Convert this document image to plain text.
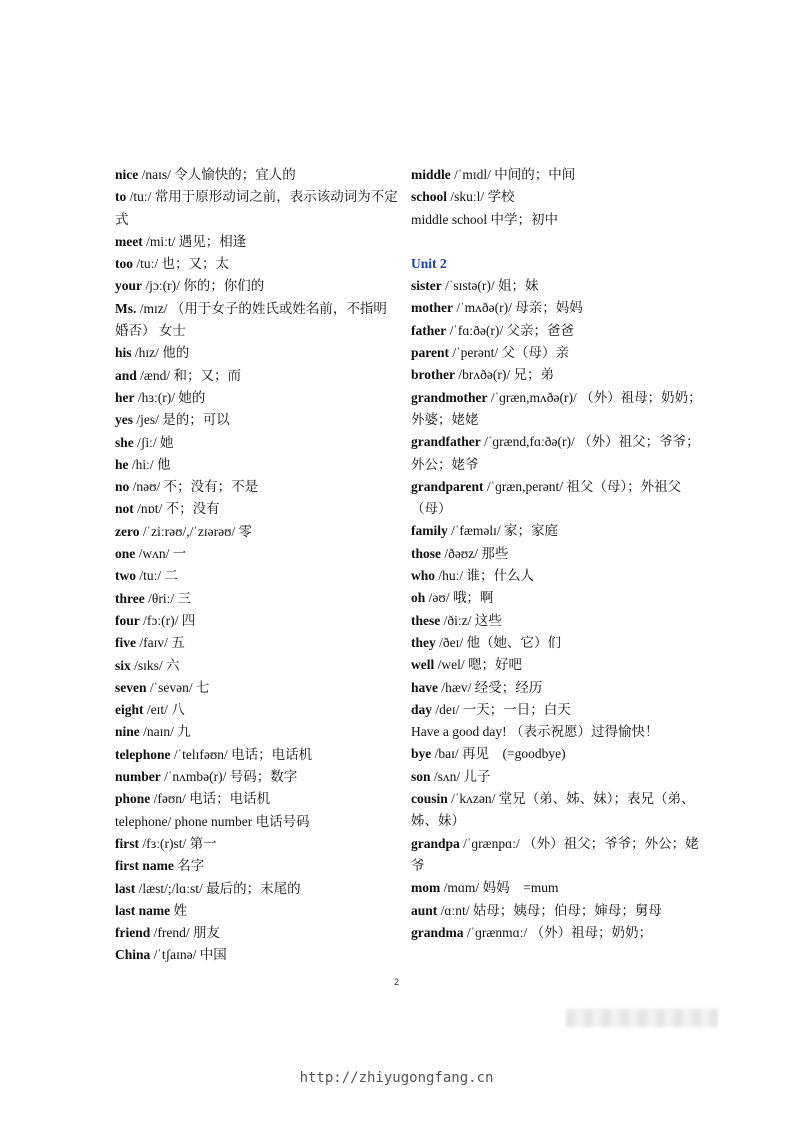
nice /naɪs/ 令人愉快的；宜人的

to /tuː/ 常用于原形动词之前，表示该动词为不定式

meet /miːt/ 遇见；相逢

too /tuː/ 也；又；太

your /jɔː(r)/ 你的；你们的

Ms. /mɪz/ （用于女子的姓氏或姓名前，不指明婚否） 女士

his /hɪz/ 他的

and /ænd/ 和；又；而

her /hɜː(r)/ 她的

yes /jes/ 是的；可以

she /ʃiː/ 她

he /hiː/ 他

no /nəʊ/ 不；没有；不是

not /nɒt/ 不；没有

zero /ˈziːrəʊ/,/ˈzɪərəʊ/ 零

one /wʌn/ 一

two /tuː/ 二

three /θriː/ 三

four /fɔː(r)/ 四

five /faɪv/ 五

six /sɪks/ 六

seven /ˈsevən/ 七

eight /eɪt/ 八

nine /naɪn/ 九

telephone /ˈtelɪfəʊn/ 电话；电话机

number /ˈnʌmbə(r)/ 号码；数字

phone /fəʊn/ 电话；电话机

telephone/ phone number 电话号码

first /fɜː(r)st/ 第一

first name 名字

last /læst/;/lɑːst/ 最后的；末尾的

last name 姓

friend /frend/ 朋友

China /ˈtʃaɪnə/ 中国

middle /ˈmɪdl/ 中间的；中间

school /skuːl/ 学校

middle school 中学；初中

Unit 2

sister /ˈsɪstə(r)/ 姐；妹

mother /ˈmʌðə(r)/ 母亲；妈妈

father /ˈfɑːðə(r)/ 父亲；爸爸

parent /ˈperənt/ 父（母）亲

brother /brʌðə(r)/ 兄；弟

grandmother /ˈɡræn,mʌðə(r)/ （外）祖母；奶奶；外婆；姥姥

grandfather /ˈɡrænd,fɑːðə(r)/ （外）祖父；爷爷；外公；姥爷

grandparent /ˈɡræn,perənt/ 祖父（母）；外祖父（母）

family /ˈfæməlɪ/ 家；家庭

those /ðəʊz/ 那些

who /huː/ 谁；什么人

oh /əʊ/ 哦；啊

these /ðiːz/ 这些

they /ðeɪ/ 他（她、它）们

well /wel/ 嗯；好吧

have /hæv/ 经受；经历

day /deɪ/ 一天；一日；白天

Have a good day! （表示祝愿）过得愉快！

bye /baɪ/ 再见　(=goodbye)

son /sʌn/ 儿子

cousin /ˈkʌzən/ 堂兄（弟、姊、妹）；表兄（弟、姊、妹）

grandpa /ˈɡrænpɑː/ （外）祖父；爷爷；外公；姥爷

mom /mɑm/ 妈妈　=mum

aunt /ɑːnt/ 姑母；姨母；伯母；婶母；舅母

grandma /ˈɡrænmɑː/ （外）祖母；奶奶；

2
http://zhiyugongfang.cn
